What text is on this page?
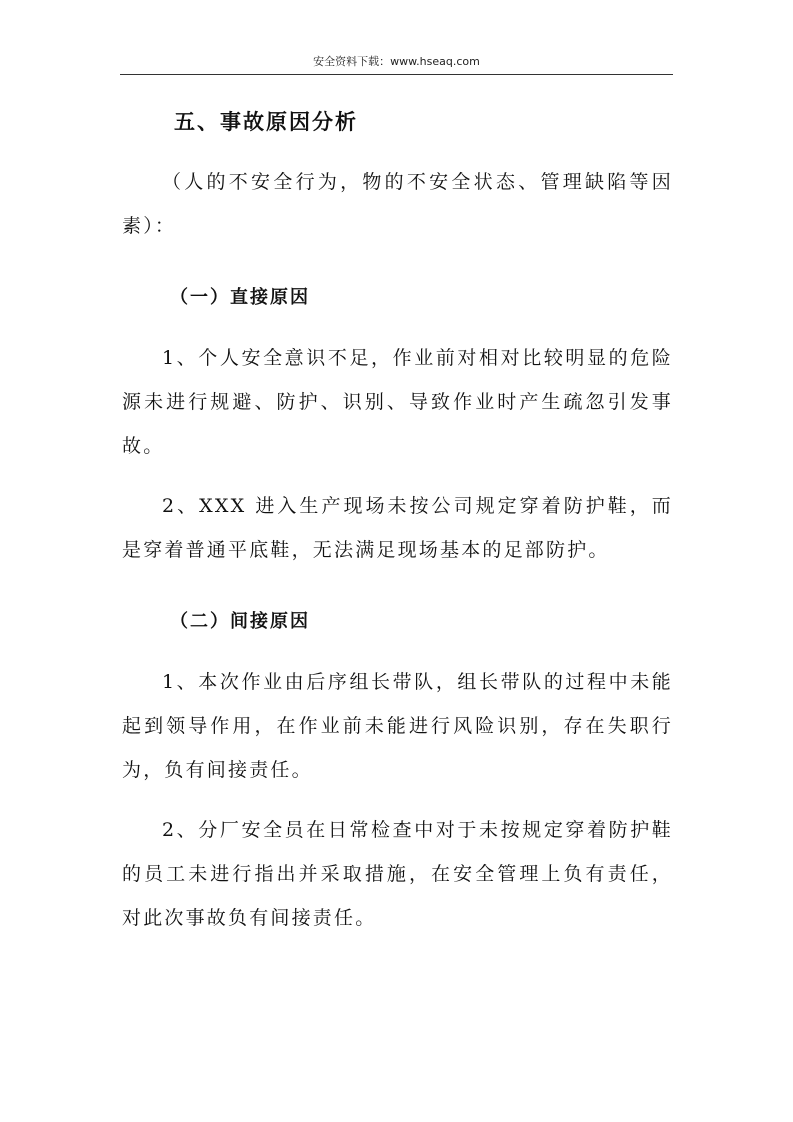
安全资料下载：www.hseaq.com

五、事故原因分析

（人的不安全行为，物的不安全状态、管理缺陷等因素）：

（一）直接原因

1、个人安全意识不足，作业前对相对比较明显的危险源未进行规避、防护、识别、导致作业时产生疏忽引发事故。

2、XXX 进入生产现场未按公司规定穿着防护鞋，而是穿着普通平底鞋，无法满足现场基本的足部防护。

（二）间接原因

1、本次作业由后序组长带队，组长带队的过程中未能起到领导作用，在作业前未能进行风险识别，存在失职行为，负有间接责任。

2、分厂安全员在日常检查中对于未按规定穿着防护鞋的员工未进行指出并采取措施，在安全管理上负有责任，对此次事故负有间接责任。
